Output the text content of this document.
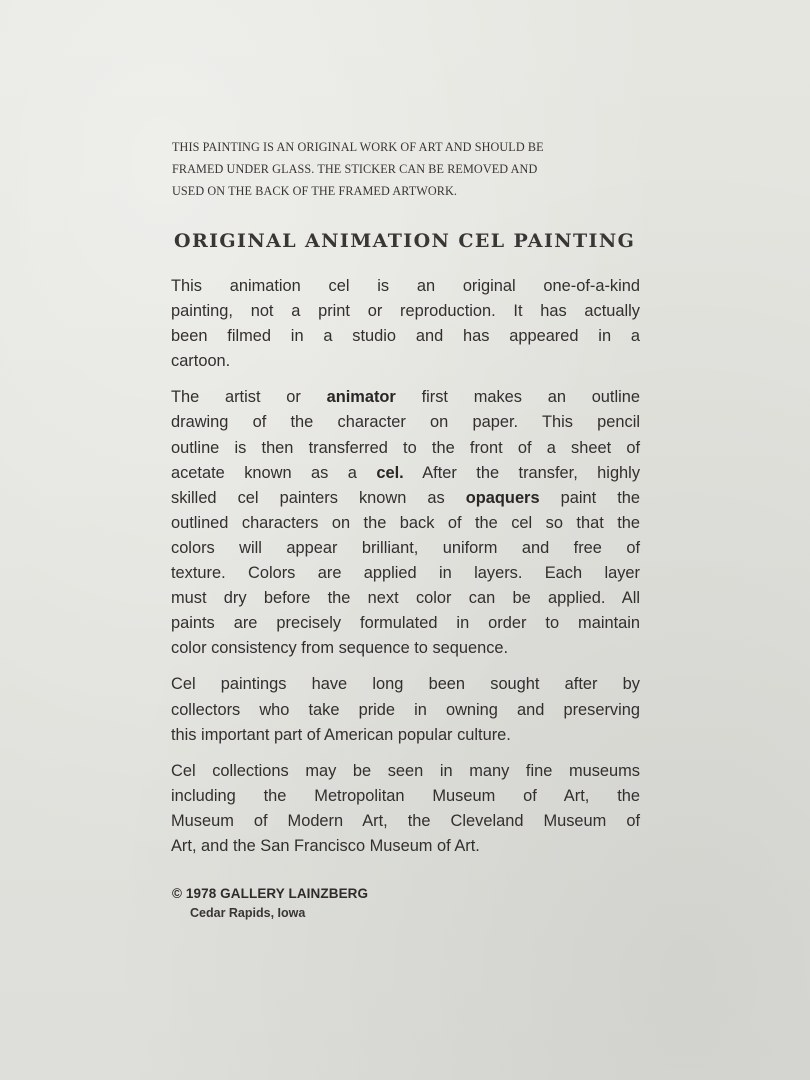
THIS PAINTING IS AN ORIGINAL WORK OF ART AND SHOULD BE
FRAMED UNDER GLASS. THE STICKER CAN BE REMOVED AND
USED ON THE BACK OF THE FRAMED ARTWORK.
ORIGINAL ANIMATION CEL PAINTING

This animation cel is an original one-of-a-kind
painting, not a print or reproduction. It has actually
been filmed in a studio and has appeared in a
cartoon.

The artist or animator first makes an outline
drawing of the character on paper. This pencil
outline is then transferred to the front of a sheet of
acetate known as a cel. After the transfer, highly
skilled cel painters known as opaquers paint the
outlined characters on the back of the cel so that the
colors will appear brilliant, uniform and free of
texture. Colors are applied in layers. Each layer
must dry before the next color can be applied. All
paints are precisely formulated in order to maintain
color consistency from sequence to sequence.

Cel paintings have long been sought after by
collectors who take pride in owning and preserving
this important part of American popular culture.

Cel collections may be seen in many fine museums
including the Metropolitan Museum of Art, the
Museum of Modern Art, the Cleveland Museum of
Art, and the San Francisco Museum of Art.

© 1978 GALLERY LAINZBERG
Cedar Rapids, Iowa
